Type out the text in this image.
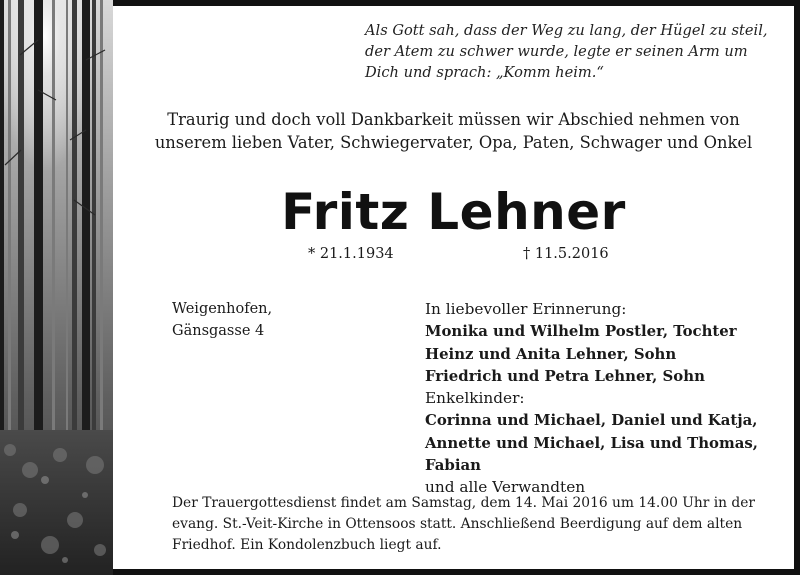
Als Gott sah, dass der Weg zu lang, der Hügel zu steil,
der Atem zu schwer wurde, legte er seinen Arm um
Dich und sprach: „Komm heim.“
Traurig und doch voll Dankbarkeit müssen wir Abschied nehmen von
unserem lieben Vater, Schwiegervater, Opa, Paten, Schwager und Onkel
Fritz Lehner
* 21.1.1934	† 11.5.2016
Weigenhofen,
Gänsgasse 4
In liebevoller Erinnerung:
Monika und Wilhelm Postler, Tochter
Heinz und Anita Lehner, Sohn
Friedrich und Petra Lehner, Sohn
Enkelkinder:
Corinna und Michael, Daniel und Katja,
Annette und Michael, Lisa und Thomas,
Fabian
und alle Verwandten
Der Trauergottesdienst findet am Samstag, dem 14. Mai 2016 um 14.00 Uhr in der
evang. St.-Veit-Kirche in Ottensoos statt. Anschließend Beerdigung auf dem alten
Friedhof. Ein Kondolenzbuch liegt auf.
